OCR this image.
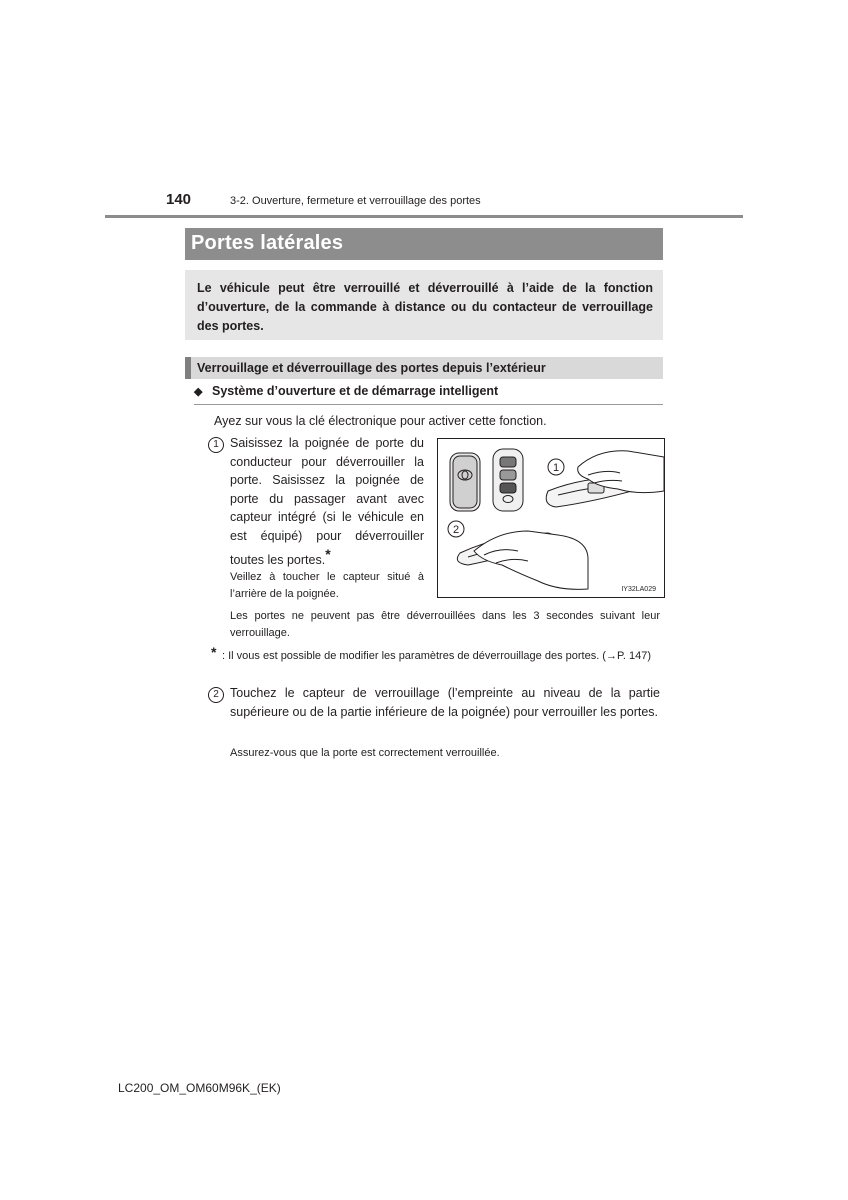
140	3-2. Ouverture, fermeture et verrouillage des portes
Portes latérales

Le véhicule peut être verrouillé et déverrouillé à l’aide de la fonction d’ouverture, de la commande à distance ou du contacteur de verrouillage des portes.

Verrouillage et déverrouillage des portes depuis l’extérieur
◆ Système d’ouverture et de démarrage intelligent
Ayez sur vous la clé électronique pour activer cette fonction.
1 Saisissez la poignée de porte du conducteur pour déverrouiller la porte. Saisissez la poignée de porte du passager avant avec capteur intégré (si le véhicule en est équipé) pour déverrouiller toutes les portes.*
Veillez à toucher le capteur situé à l’arrière de la poignée.
Les portes ne peuvent pas être déverrouillées dans les 3 secondes suivant leur verrouillage.
* : Il vous est possible de modifier les paramètres de déverrouillage des portes. (→P. 147)
2 Touchez le capteur de verrouillage (l’empreinte au niveau de la partie supérieure ou de la partie inférieure de la poignée) pour verrouiller les portes.
Assurez-vous que la porte est correctement verrouillée.
1
2
IY32LA029
LC200_OM_OM60M96K_(EK)
